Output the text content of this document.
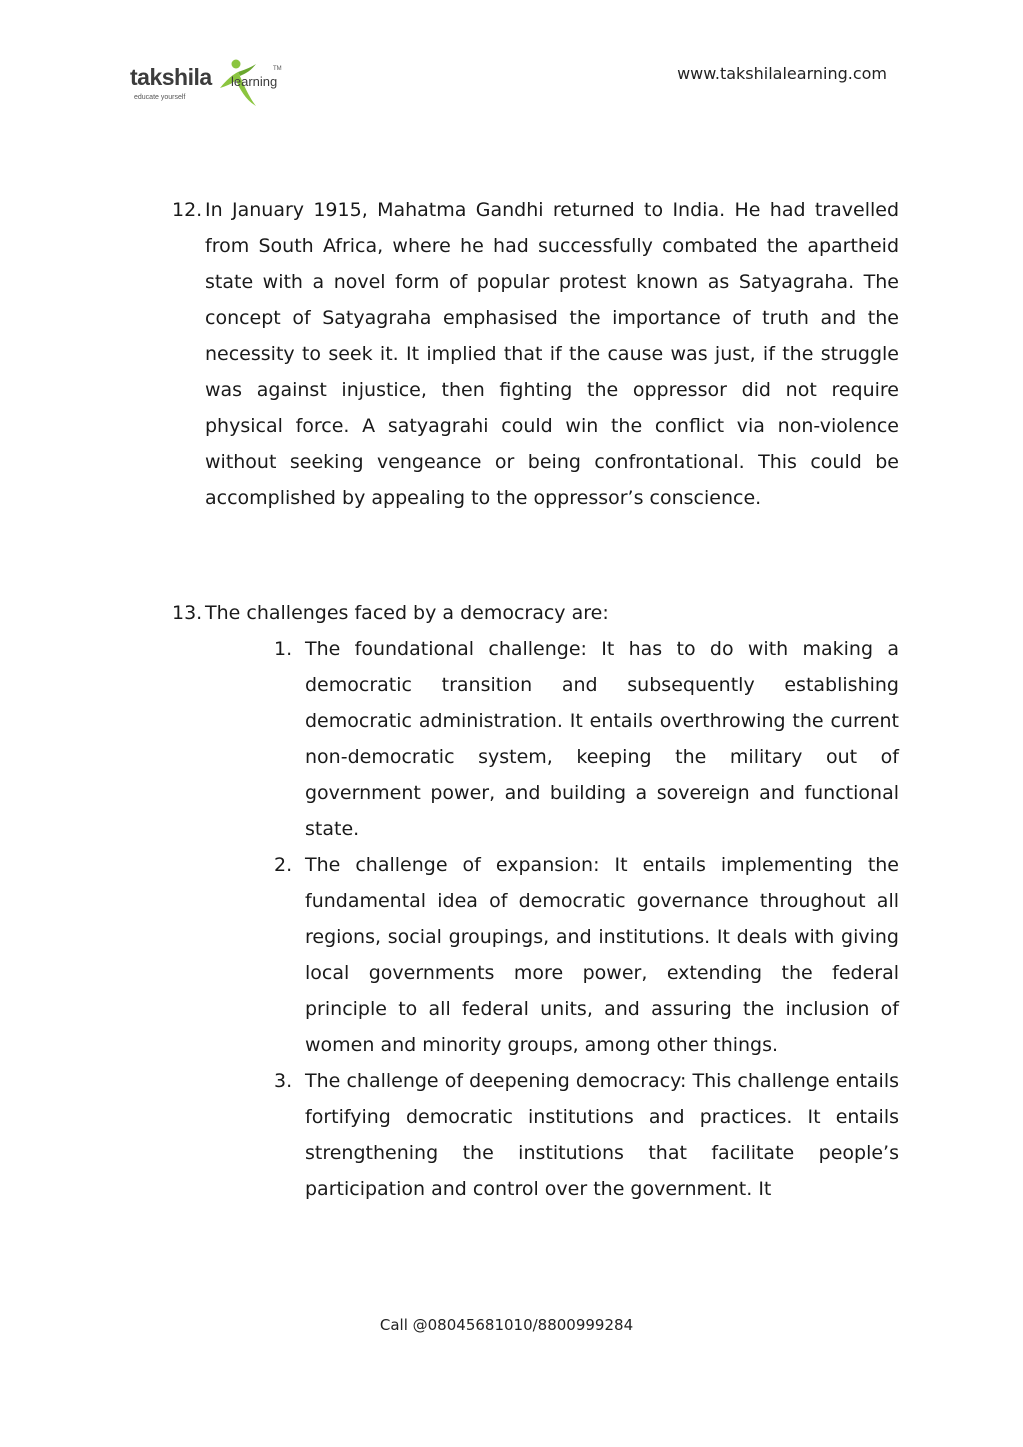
takshila learning
educate yourself
TM	www.takshilalearning.com
12. In January 1915, Mahatma Gandhi returned to India. He had travelled from South Africa, where he had successfully combated the apartheid state with a novel form of popular protest known as Satyagraha. The concept of Satyagraha emphasised the importance of truth and the necessity to seek it. It implied that if the cause was just, if the struggle was against injustice, then fighting the oppressor did not require physical force. A satyagrahi could win the conflict via non-violence without seeking vengeance or being confrontational. This could be accomplished by appealing to the oppressor’s conscience.
13. The challenges faced by a democracy are:
1. The foundational challenge: It has to do with making a democratic transition and subsequently establishing democratic administration. It entails overthrowing the current non-democratic system, keeping the military out of government power, and building a sovereign and functional state.
2. The challenge of expansion: It entails implementing the fundamental idea of democratic governance throughout all regions, social groupings, and institutions. It deals with giving local governments more power, extending the federal principle to all federal units, and assuring the inclusion of women and minority groups, among other things.
3. The challenge of deepening democracy: This challenge entails fortifying democratic institutions and practices. It entails strengthening the institutions that facilitate people’s participation and control over the government. It
Call @08045681010/8800999284
